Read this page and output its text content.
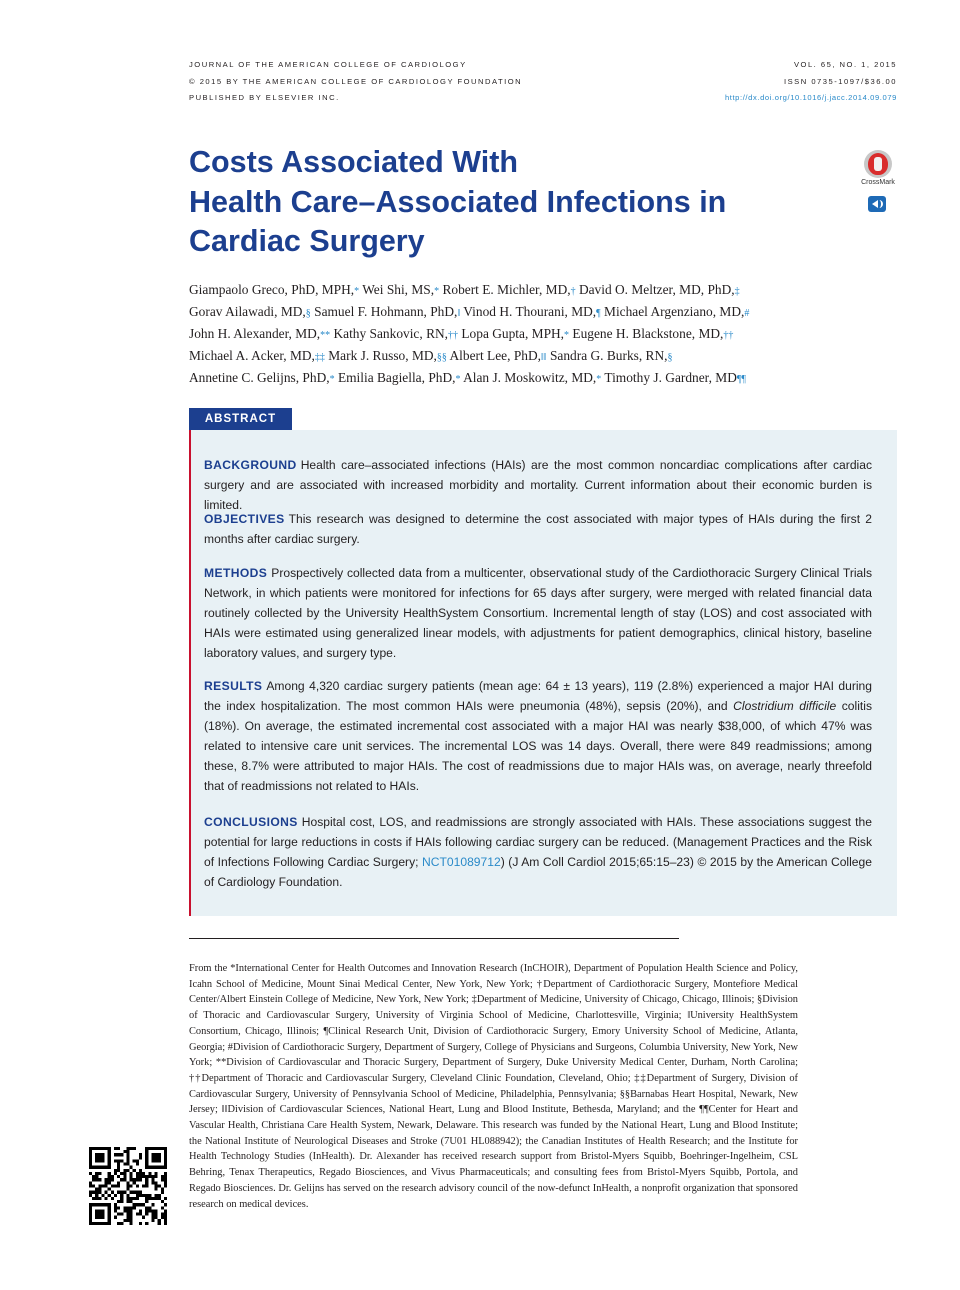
JOURNAL OF THE AMERICAN COLLEGE OF CARDIOLOGY
© 2015 BY THE AMERICAN COLLEGE OF CARDIOLOGY FOUNDATION
PUBLISHED BY ELSEVIER INC.
VOL. 65, NO. 1, 2015
ISSN 0735-1097/$36.00
http://dx.doi.org/10.1016/j.jacc.2014.09.079
Costs Associated With
Health Care–Associated Infections in
Cardiac Surgery
CrossMark
Giampaolo Greco, PhD, MPH,* Wei Shi, MS,* Robert E. Michler, MD,† David O. Meltzer, MD, PhD,‡
Gorav Ailawadi, MD,§ Samuel F. Hohmann, PhD,‖ Vinod H. Thourani, MD,¶ Michael Argenziano, MD,#
John H. Alexander, MD,** Kathy Sankovic, RN,†† Lopa Gupta, MPH,* Eugene H. Blackstone, MD,††
Michael A. Acker, MD,‡‡ Mark J. Russo, MD,§§ Albert Lee, PhD,‖‖ Sandra G. Burks, RN,§
Annetine C. Gelijns, PhD,* Emilia Bagiella, PhD,* Alan J. Moskowitz, MD,* Timothy J. Gardner, MD¶¶
ABSTRACT
BACKGROUND Health care–associated infections (HAIs) are the most common noncardiac complications after cardiac surgery and are associated with increased morbidity and mortality. Current information about their economic burden is limited.
OBJECTIVES This research was designed to determine the cost associated with major types of HAIs during the first 2 months after cardiac surgery.
METHODS Prospectively collected data from a multicenter, observational study of the Cardiothoracic Surgery Clinical Trials Network, in which patients were monitored for infections for 65 days after surgery, were merged with related financial data routinely collected by the University HealthSystem Consortium. Incremental length of stay (LOS) and cost associated with HAIs were estimated using generalized linear models, with adjustments for patient demographics, clinical history, baseline laboratory values, and surgery type.
RESULTS Among 4,320 cardiac surgery patients (mean age: 64 ± 13 years), 119 (2.8%) experienced a major HAI during the index hospitalization. The most common HAIs were pneumonia (48%), sepsis (20%), and Clostridium difficile colitis (18%). On average, the estimated incremental cost associated with a major HAI was nearly $38,000, of which 47% was related to intensive care unit services. The incremental LOS was 14 days. Overall, there were 849 readmissions; among these, 8.7% were attributed to major HAIs. The cost of readmissions due to major HAIs was, on average, nearly threefold that of readmissions not related to HAIs.
CONCLUSIONS Hospital cost, LOS, and readmissions are strongly associated with HAIs. These associations suggest the potential for large reductions in costs if HAIs following cardiac surgery can be reduced. (Management Practices and the Risk of Infections Following Cardiac Surgery; NCT01089712) (J Am Coll Cardiol 2015;65:15–23) © 2015 by the American College of Cardiology Foundation.

From the *International Center for Health Outcomes and Innovation Research (InCHOIR), Department of Population Health Science and Policy, Icahn School of Medicine, Mount Sinai Medical Center, New York, New York; †Department of Cardiothoracic Surgery, Montefiore Medical Center/Albert Einstein College of Medicine, New York, New York; ‡Department of Medicine, University of Chicago, Chicago, Illinois; §Division of Thoracic and Cardiovascular Surgery, University of Virginia School of Medicine, Charlottesville, Virginia; ‖University HealthSystem Consortium, Chicago, Illinois; ¶Clinical Research Unit, Division of Cardiothoracic Surgery, Emory University School of Medicine, Atlanta, Georgia; #Division of Cardiothoracic Surgery, Department of Surgery, College of Physicians and Surgeons, Columbia University, New York, New York; **Division of Cardiovascular and Thoracic Surgery, Department of Surgery, Duke University Medical Center, Durham, North Carolina; ††Department of Thoracic and Cardiovascular Surgery, Cleveland Clinic Foundation, Cleveland, Ohio; ‡‡Department of Surgery, Division of Cardiovascular Surgery, University of Pennsylvania School of Medicine, Philadelphia, Pennsylvania; §§Barnabas Heart Hospital, Newark, New Jersey; ‖‖Division of Cardiovascular Sciences, National Heart, Lung and Blood Institute, Bethesda, Maryland; and the ¶¶Center for Heart and Vascular Health, Christiana Care Health System, Newark, Delaware. This research was funded by the National Heart, Lung and Blood Institute; the National Institute of Neurological Diseases and Stroke (7U01 HL088942); the Canadian Institutes of Health Research; and the Institute for Health Technology Studies (InHealth). Dr. Alexander has received research support from Bristol-Myers Squibb, Boehringer-Ingelheim, CSL Behring, Tenax Therapeutics, Regado Biosciences, and Vivus Pharmaceuticals; and consulting fees from Bristol-Myers Squibb, Portola, and Regado Biosciences. Dr. Gelijns has served on the research advisory council of the now-defunct InHealth, a nonprofit organization that sponsored research on medical devices.
